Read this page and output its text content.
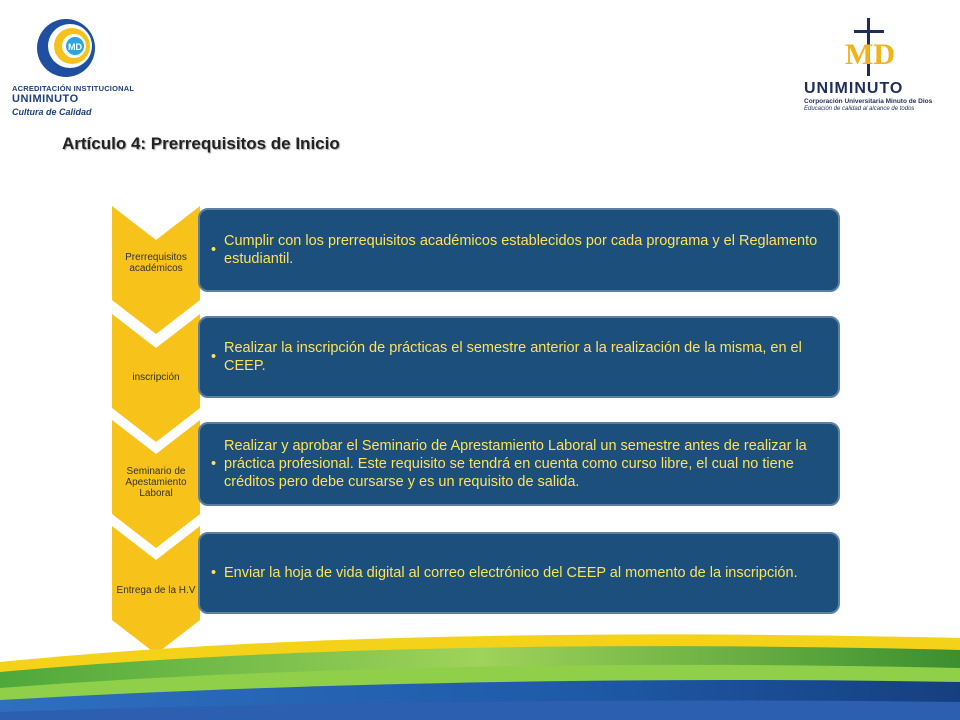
MD
ACREDITACIÓN INSTITUCIONAL
UNIMINUTO
Cultura de Calidad
MD
UNIMINUTO
Corporación Universitaria Minuto de Dios
Educación de calidad al alcance de todos
Artículo 4: Prerrequisitos de Inicio
Prerrequisitos académicos
•
Cumplir con los prerrequisitos académicos establecidos por cada programa y el Reglamento estudiantil.
inscripción
•
Realizar la inscripción de prácticas el semestre anterior a la realización de la misma, en el CEEP.
Seminario de Apestamiento Laboral
•
Realizar y aprobar el Seminario de Aprestamiento Laboral un semestre antes de realizar la práctica profesional. Este requisito se tendrá en cuenta como curso libre, el cual no tiene créditos pero debe cursarse y es un requisito de salida.
Entrega de la H.V
• Enviar la hoja de vida digital al correo electrónico del CEEP al momento de la inscripción.
